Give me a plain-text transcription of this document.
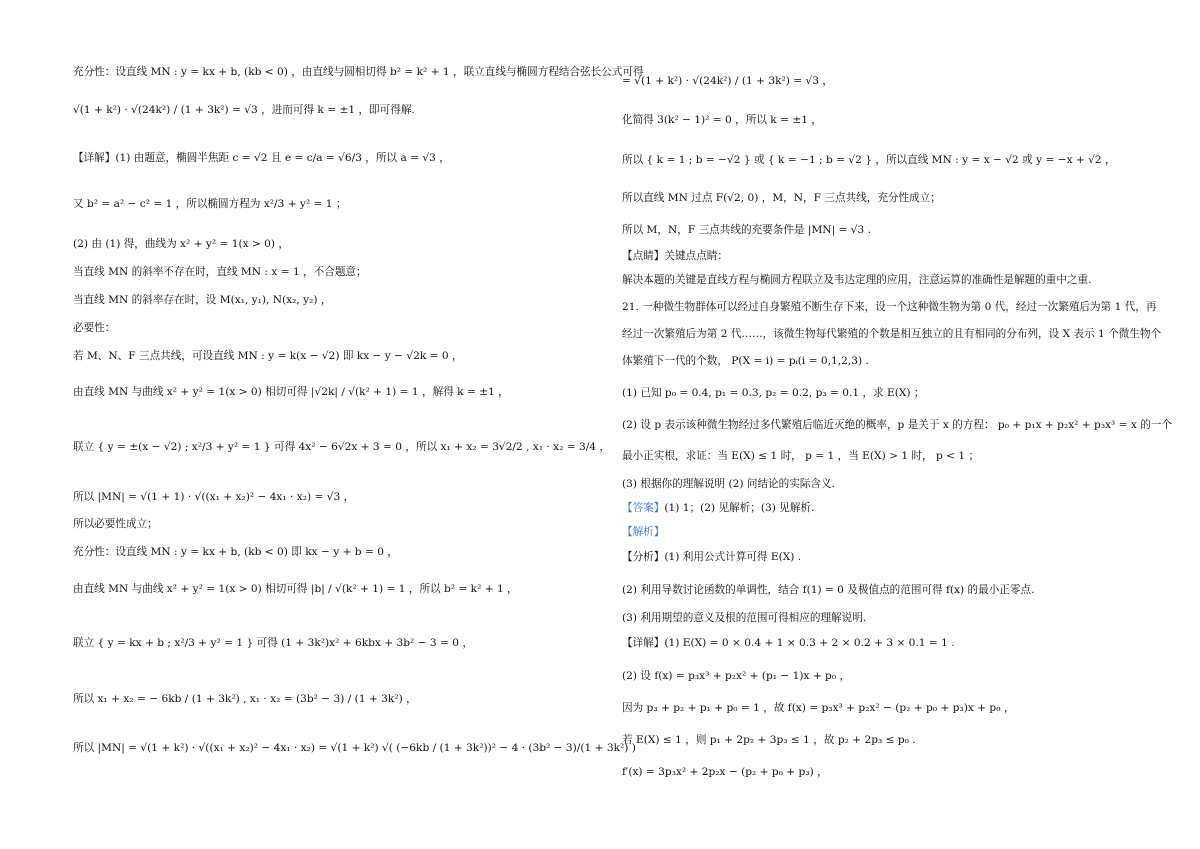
充分性：设直线 MN : y = kx + b, (kb < 0) ，由直线与圆相切得 b² = k² + 1 ，联立直线与椭圆方程结合弦长公式可得
√(1 + k²) · √(24k²) / (1 + 3k²) = √3 ，进而可得 k = ±1 ，即可得解.
【详解】(1) 由题意，椭圆半焦距 c = √2 且 e = c/a = √6/3 ，所以 a = √3 ，
又 b² = a² − c² = 1 ，所以椭圆方程为 x²/3 + y² = 1 ；
(2) 由 (1) 得，曲线为 x² + y² = 1(x > 0) ，
当直线 MN 的斜率不存在时，直线 MN : x = 1 ，不合题意；
当直线 MN 的斜率存在时，设 M(x₁, y₁), N(x₂, y₂) ，
必要性：
若 M、N、F 三点共线，可设直线 MN : y = k(x − √2) 即 kx − y − √2k = 0 ，
由直线 MN 与曲线 x² + y² = 1(x > 0) 相切可得 |√2k| / √(k² + 1) = 1 ，解得 k = ±1 ，
联立 { y = ±(x − √2) ; x²/3 + y² = 1 } 可得 4x² − 6√2x + 3 = 0 ，所以 x₁ + x₂ = 3√2/2 , x₁ · x₂ = 3/4 ，
所以 |MN| = √(1 + 1) · √((x₁ + x₂)² − 4x₁ · x₂) = √3 ，
所以必要性成立；
充分性：设直线 MN : y = kx + b, (kb < 0) 即 kx − y + b = 0 ，
由直线 MN 与曲线 x² + y² = 1(x > 0) 相切可得 |b| / √(k² + 1) = 1 ，所以 b² = k² + 1 ，
联立 { y = kx + b ; x²/3 + y² = 1 } 可得 (1 + 3k²)x² + 6kbx + 3b² − 3 = 0 ，
所以 x₁ + x₂ = − 6kb / (1 + 3k²) , x₁ · x₂ = (3b² − 3) / (1 + 3k²) ，
所以 |MN| = √(1 + k²) · √((x₁ + x₂)² − 4x₁ · x₂) = √(1 + k²) √( (−6kb / (1 + 3k²))² − 4 · (3b² − 3)/(1 + 3k²) )
= √(1 + k²) · √(24k²) / (1 + 3k²) = √3 ，
化简得 3(k² − 1)² = 0 ，所以 k = ±1 ，
所以 { k = 1 ; b = −√2 } 或 { k = −1 ; b = √2 } ，所以直线 MN : y = x − √2 或 y = −x + √2 ，
所以直线 MN 过点 F(√2, 0) ，M，N，F 三点共线，充分性成立；
所以 M，N，F 三点共线的充要条件是 |MN| = √3 .
【点睛】关键点点睛：
解决本题的关键是直线方程与椭圆方程联立及韦达定理的应用，注意运算的准确性是解题的重中之重.
21. 一种微生物群体可以经过自身繁殖不断生存下来，设一个这种微生物为第 0 代，经过一次繁殖后为第 1 代，再
经过一次繁殖后为第 2 代……，该微生物每代繁殖的个数是相互独立的且有相同的分布列，设 X 表示 1 个微生物个
体繁殖下一代的个数， P(X = i) = pᵢ(i = 0,1,2,3) .
(1) 已知 p₀ = 0.4, p₁ = 0.3, p₂ = 0.2, p₃ = 0.1 ，求 E(X) ；
(2) 设 p 表示该种微生物经过多代繁殖后临近灭绝的概率，p 是关于 x 的方程： p₀ + p₁x + p₂x² + p₃x³ = x 的一个
最小正实根，求证：当 E(X) ≤ 1 时， p = 1 ，当 E(X) > 1 时， p < 1 ；
(3) 根据你的理解说明 (2) 问结论的实际含义.
【答案】(1) 1；(2) 见解析；(3) 见解析.
【解析】
【分析】(1) 利用公式计算可得 E(X) .
(2) 利用导数讨论函数的单调性，结合 f(1) = 0 及极值点的范围可得 f(x) 的最小正零点.
(3) 利用期望的意义及根的范围可得相应的理解说明.
【详解】(1) E(X) = 0 × 0.4 + 1 × 0.3 + 2 × 0.2 + 3 × 0.1 = 1 .
(2) 设 f(x) = p₃x³ + p₂x² + (p₁ − 1)x + p₀ ，
因为 p₃ + p₂ + p₁ + p₀ = 1 ，故 f(x) = p₃x³ + p₂x² − (p₂ + p₀ + p₃)x + p₀ ，
若 E(X) ≤ 1 ，则 p₁ + 2p₂ + 3p₃ ≤ 1 ，故 p₂ + 2p₃ ≤ p₀ .
f′(x) = 3p₃x² + 2p₂x − (p₂ + p₀ + p₃) ，
